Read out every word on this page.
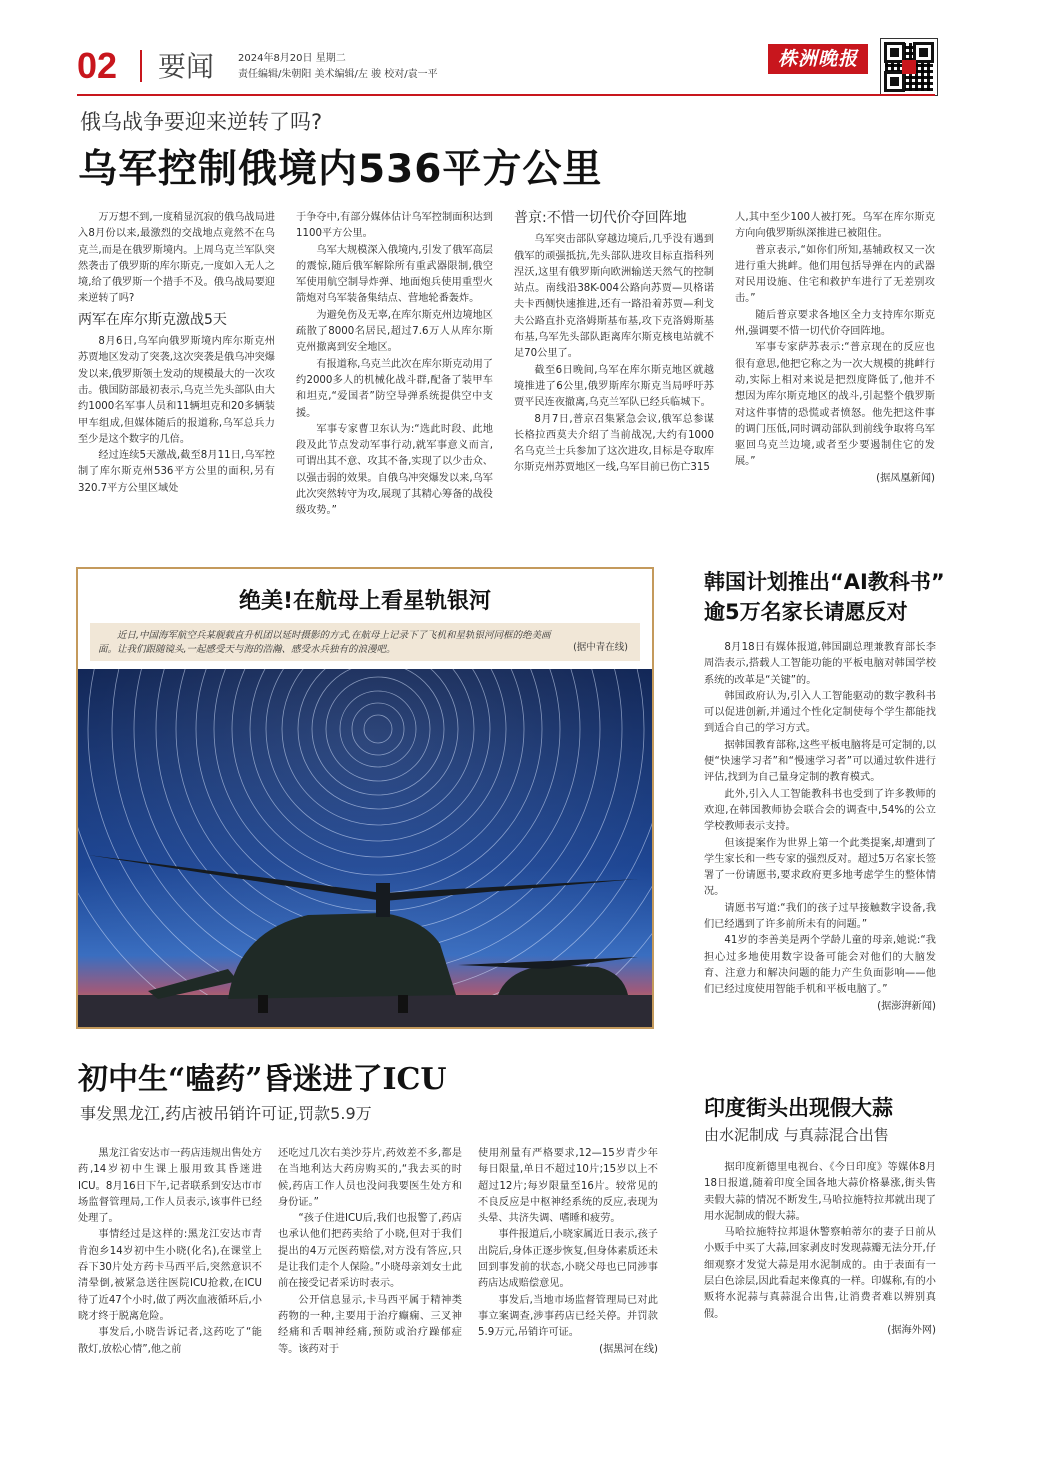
02 要闻 2024年8月20日 星期二
责任编辑/朱朝阳 美术编辑/左 骏 校对/袁一平
株洲晚报
俄乌战争要迎来逆转了吗?
乌军控制俄境内536平方公里

万万想不到,一度稍显沉寂的俄乌战局进入8月份以来,最激烈的交战地点竟然不在乌克兰,而是在俄罗斯境内。上周乌克兰军队突然袭击了俄罗斯的库尔斯克,一度如入无人之境,给了俄罗斯一个措手不及。俄乌战局要迎来逆转了吗?

两军在库尔斯克激战5天

8月6日,乌军向俄罗斯境内库尔斯克州苏贾地区发动了突袭,这次突袭是俄乌冲突爆发以来,俄罗斯领土发动的规模最大的一次攻击。俄国防部最初表示,乌克兰先头部队由大约1000名军事人员和11辆坦克和20多辆装甲车组成,但媒体随后的报道称,乌军总兵力至少是这个数字的几倍。

经过连续5天激战,截至8月11日,乌军控制了库尔斯克州536平方公里的面积,另有320.7平方公里区域处

于争夺中,有部分媒体估计乌军控制面积达到1100平方公里。

乌军大规模深入俄境内,引发了俄军高层的震惊,随后俄军解除所有重武器限制,俄空军使用航空制导炸弹、地面炮兵使用重型火箭炮对乌军装备集结点、营地轮番轰炸。

为避免伤及无辜,在库尔斯克州边境地区疏散了8000名居民,超过7.6万人从库尔斯克州撤离到安全地区。

有报道称,乌克兰此次在库尔斯克动用了约2000多人的机械化战斗群,配备了装甲车和坦克,“爱国者”防空导弹系统提供空中支援。

军事专家曹卫东认为:“选此时段、此地段及此节点发动军事行动,就军事意义而言,可谓出其不意、攻其不备,实现了以少击众、以强击弱的效果。自俄乌冲突爆发以来,乌军此次突然转守为攻,展现了其精心筹备的战役级攻势。”

普京:不惜一切代价夺回阵地

乌军突击部队穿越边境后,几乎没有遇到俄军的顽强抵抗,先头部队进攻目标直指科列涅沃,这里有俄罗斯向欧洲输送天然气的控制站点。南线沿38K-004公路向苏贾—贝格诺夫卡西侧快速推进,还有一路沿着苏贾—利戈夫公路直扑克洛姆斯基布基,攻下克洛姆斯基布基,乌军先头部队距离库尔斯克核电站就不足70公里了。

截至6日晚间,乌军在库尔斯克地区就越境推进了6公里,俄罗斯库尔斯克当局呼吁苏贾平民连夜撤离,乌克兰军队已经兵临城下。

8月7日,普京召集紧急会议,俄军总参谋长格拉西莫夫介绍了当前战况,大约有1000名乌克兰士兵参加了这次进攻,目标是夺取库尔斯克州苏贾地区一线,乌军目前已伤亡315

人,其中至少100人被打死。乌军在库尔斯克方向向俄罗斯纵深推进已被阻住。

普京表示,“如你们所知,基辅政权又一次进行重大挑衅。他们用包括导弹在内的武器对民用设施、住宅和救护车进行了无差别攻击。”

随后普京要求各地区全力支持库尔斯克州,强调要不惜一切代价夺回阵地。

军事专家萨苏表示:“普京现在的反应也很有意思,他把它称之为一次大规模的挑衅行动,实际上相对来说是把烈度降低了,他并不想因为库尔斯克地区的战斗,引起整个俄罗斯对这件事情的恐慌或者愤怒。他先把这件事的调门压低,同时调动部队到前线争取将乌军驱回乌克兰边境,或者至少要遏制住它的发展。”

(据凤凰新闻)

绝美!在航母上看星轨银河
近日,中国海军航空兵某舰载直升机团以延时摄影的方式,在航母上记录下了飞机和星轨银河同框的绝美画面。让我们跟随镜头,一起感受天与海的浩瀚、感受水兵独有的浪漫吧。	(据中青在线)
初中生“嗑药”昏迷进了ICU
事发黑龙江,药店被吊销许可证,罚款5.9万

黑龙江省安达市一药店违规出售处方药,14岁初中生课上服用致其昏迷进ICU。8月16日下午,记者联系到安达市市场监督管理局,工作人员表示,该事件已经处理了。

事情经过是这样的:黑龙江安达市青肯泡乡14岁初中生小晓(化名),在课堂上吞下30片处方药卡马西平后,突然意识不清晕倒,被紧急送往医院ICU抢救,在ICU待了近47个小时,做了两次血液循环后,小晓才终于脱离危险。

事发后,小晓告诉记者,这药吃了“能散灯,放松心情”,他之前

还吃过几次右美沙芬片,药效差不多,都是在当地利达大药房购买的,“我去买的时候,药店工作人员也没问我要医生处方和身份证。”

“孩子住进ICU后,我们也报警了,药店也承认他们把药卖给了小晓,但对于我们提出的4万元医药赔偿,对方没有答应,只是让我们走个人保险。”小晓母亲刘女士此前在接受记者采访时表示。

公开信息显示,卡马西平属于精神类药物的一种,主要用于治疗癫痫、三叉神经痛和舌咽神经痛,预防或治疗躁郁症等。该药对于

使用剂量有严格要求,12—15岁青少年每日限量,单日不超过10片;15岁以上不超过12片;每岁限量至16片。较常见的不良反应是中枢神经系统的反应,表现为头晕、共济失调、嗜睡和疲劳。

事件报道后,小晓家属近日表示,孩子出院后,身体正逐步恢复,但身体素质还未回到事发前的状态,小晓父母也已同涉事药店达成赔偿意见。

事发后,当地市场监督管理局已对此事立案调查,涉事药店已经关停。并罚款5.9万元,吊销许可证。

(据黑河在线)

韩国计划推出“AI教科书”
逾5万名家长请愿反对

8月18日有媒体报道,韩国副总理兼教育部长李周浩表示,搭载人工智能功能的平板电脑对韩国学校系统的改革是“关键”的。

韩国政府认为,引入人工智能驱动的数字教科书可以促进创新,并通过个性化定制使每个学生都能找到适合自己的学习方式。

据韩国教育部称,这些平板电脑将是可定制的,以便“快速学习者”和“慢速学习者”可以通过软件进行评估,找到为自己量身定制的教育模式。

此外,引入人工智能教科书也受到了许多教师的欢迎,在韩国教师协会联合会的调查中,54%的公立学校教师表示支持。

但该提案作为世界上第一个此类提案,却遭到了学生家长和一些专家的强烈反对。超过5万名家长签署了一份请愿书,要求政府更多地考虑学生的整体情况。

请愿书写道:“我们的孩子过早接触数字设备,我们已经遇到了许多前所未有的问题。”

41岁的李善美是两个学龄儿童的母亲,她说:“我担心过多地使用数字设备可能会对他们的大脑发育、注意力和解决问题的能力产生负面影响——他们已经过度使用智能手机和平板电脑了。”

(据澎湃新闻)

印度街头出现假大蒜
由水泥制成 与真蒜混合出售

据印度新德里电视台、《今日印度》等媒体8月18日报道,随着印度全国各地大蒜价格暴涨,街头售卖假大蒜的情况不断发生,马哈拉施特拉邦就出现了用水泥制成的假大蒜。

马哈拉施特拉邦退休警察帕蒂尔的妻子日前从小贩手中买了大蒜,回家剥皮时发现蒜瓣无法分开,仔细观察才发觉大蒜是用水泥制成的。由于表面有一层白色涂层,因此看起来像真的一样。印媒称,有的小贩将水泥蒜与真蒜混合出售,让消费者难以辨别真假。

(据海外网)
